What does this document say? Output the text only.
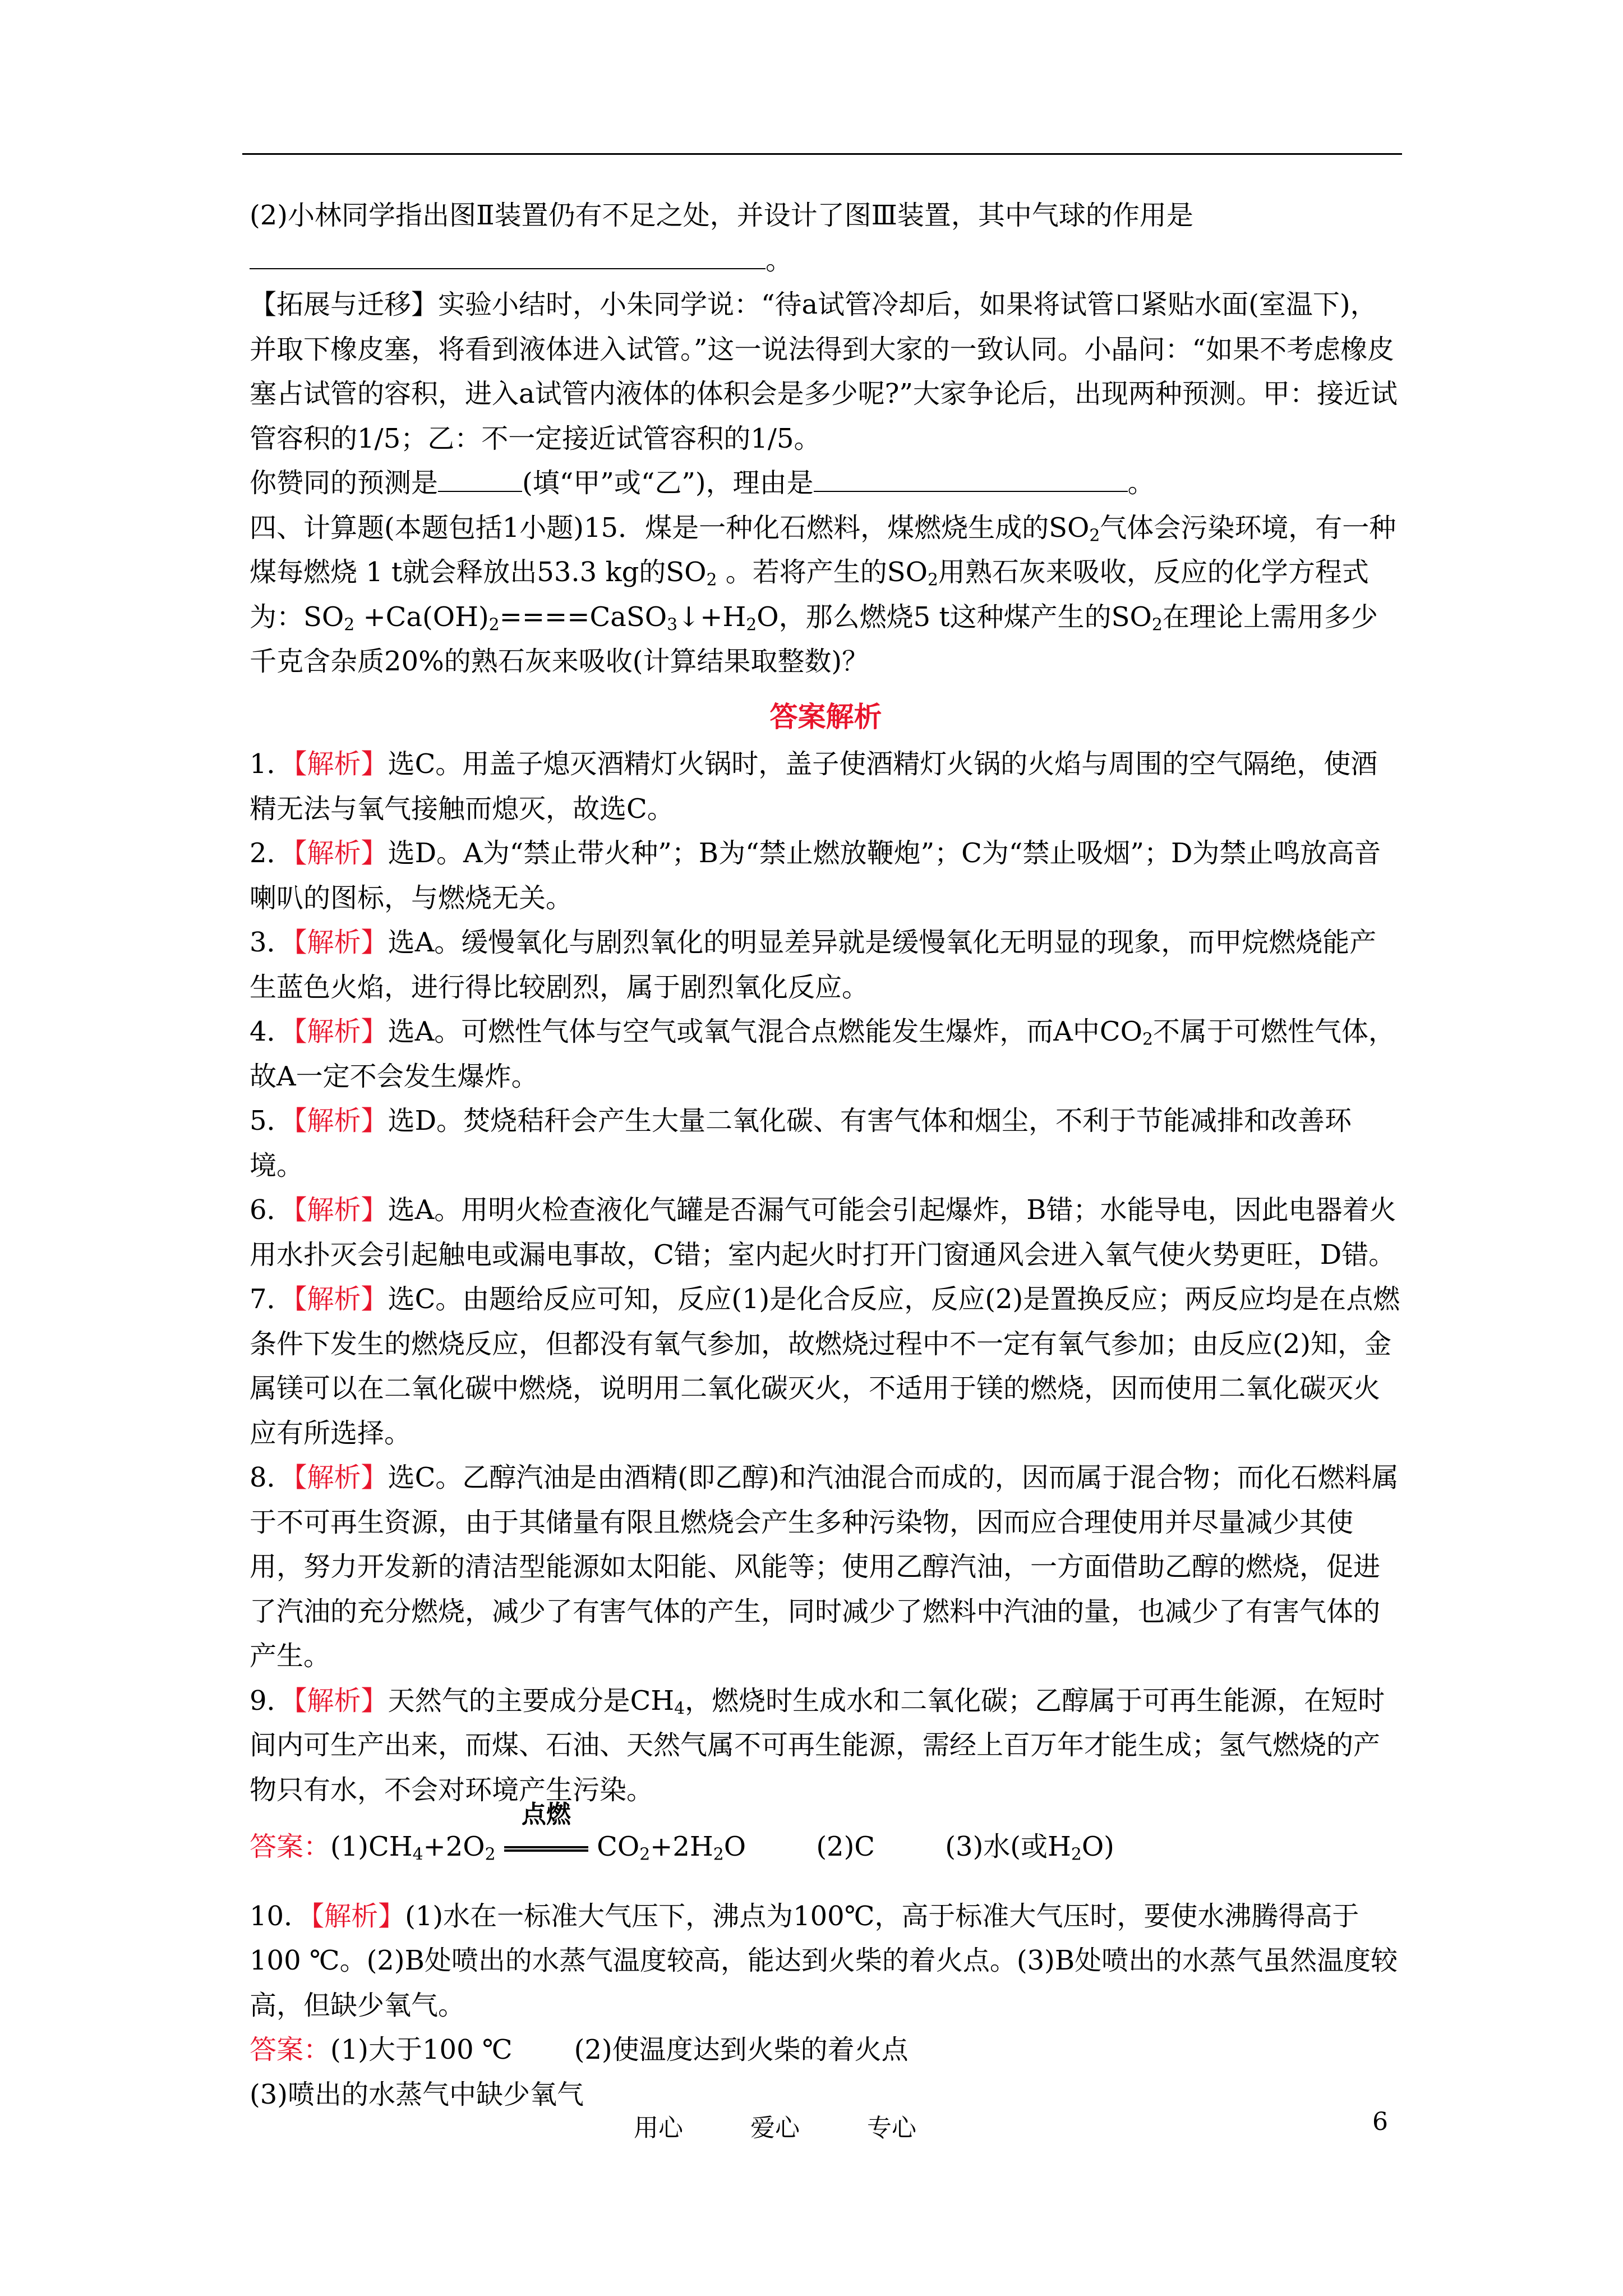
(2)小林同学指出图Ⅱ装置仍有不足之处，并设计了图Ⅲ装置，其中气球的作用是

。

【拓展与迁移】实验小结时，小朱同学说：“待a试管冷却后，如果将试管口紧贴水面(室温下)，并取下橡皮塞，将看到液体进入试管。”这一说法得到大家的一致认同。小晶问：“如果不考虑橡皮塞占试管的容积，进入a试管内液体的体积会是多少呢?”大家争论后，出现两种预测。甲：接近试管容积的1/5；乙：不一定接近试管容积的1/5。

你赞同的预测是	(填“甲”或“乙”)，理由是	。

四、计算题(本题包括1小题)15．煤是一种化石燃料，煤燃烧生成的$SO_2$气体会污染环境，有一种煤每燃烧 1 t就会释放出53.3 kg的$SO_2$ 。若将产生的$SO_2$用熟石灰来吸收，反应的化学方程式为：$SO_2$ $+Ca(OH)_2====CaSO_3↓+H_2O$，那么燃烧5 t这种煤产生的$SO_2$在理论上需用多少千克含杂质20%的熟石灰来吸收(计算结果取整数)？

答案解析

1．【解析】选C。用盖子熄灭酒精灯火锅时，盖子使酒精灯火锅的火焰与周围的空气隔绝，使酒精无法与氧气接触而熄灭，故选C。

2．【解析】选D。A为“禁止带火种”；B为“禁止燃放鞭炮”；C为“禁止吸烟”；D为禁止鸣放高音喇叭的图标，与燃烧无关。

3．【解析】选A。缓慢氧化与剧烈氧化的明显差异就是缓慢氧化无明显的现象，而甲烷燃烧能产生蓝色火焰，进行得比较剧烈，属于剧烈氧化反应。

4．【解析】选A。可燃性气体与空气或氧气混合点燃能发生爆炸，而A中$CO_2$不属于可燃性气体，故A一定不会发生爆炸。

5．【解析】选D。焚烧秸秆会产生大量二氧化碳、有害气体和烟尘，不利于节能减排和改善环境。

6．【解析】选A。用明火检查液化气罐是否漏气可能会引起爆炸，B错；水能导电，因此电器着火用水扑灭会引起触电或漏电事故，C错；室内起火时打开门窗通风会进入氧气使火势更旺，D错。

7．【解析】选C。由题给反应可知，反应(1)是化合反应，反应(2)是置换反应；两反应均是在点燃条件下发生的燃烧反应，但都没有氧气参加，故燃烧过程中不一定有氧气参加；由反应(2)知，金属镁可以在二氧化碳中燃烧，说明用二氧化碳灭火，不适用于镁的燃烧，因而使用二氧化碳灭火应有所选择。

8．【解析】选C。乙醇汽油是由酒精(即乙醇)和汽油混合而成的，因而属于混合物；而化石燃料属于不可再生资源，由于其储量有限且燃烧会产生多种污染物，因而应合理使用并尽量减少其使用，努力开发新的清洁型能源如太阳能、风能等；使用乙醇汽油，一方面借助乙醇的燃烧，促进了汽油的充分燃烧，减少了有害气体的产生，同时减少了燃料中汽油的量，也减少了有害气体的产生。

9．【解析】天然气的主要成分是$CH_4$，燃烧时生成水和二氧化碳；乙醇属于可再生能源，在短时间内可生产出来，而煤、石油、天然气属不可再生能源，需经上百万年才能生成；氢气燃烧的产物只有水，不会对环境产生污染。

答案：$(1)CH_4+2O_2$
点燃
$CO_2+2H_2O$	(2)C	(3)水(或$H_2O$)

10．【解析】(1)水在一标准大气压下，沸点为100℃，高于标准大气压时，要使水沸腾得高于100 ℃。(2)B处喷出的水蒸气温度较高，能达到火柴的着火点。(3)B处喷出的水蒸气虽然温度较高，但缺少氧气。

答案：(1)大于100 ℃ (2)使温度达到火柴的着火点

(3)喷出的水蒸气中缺少氧气

用心	爱心	专心	6
